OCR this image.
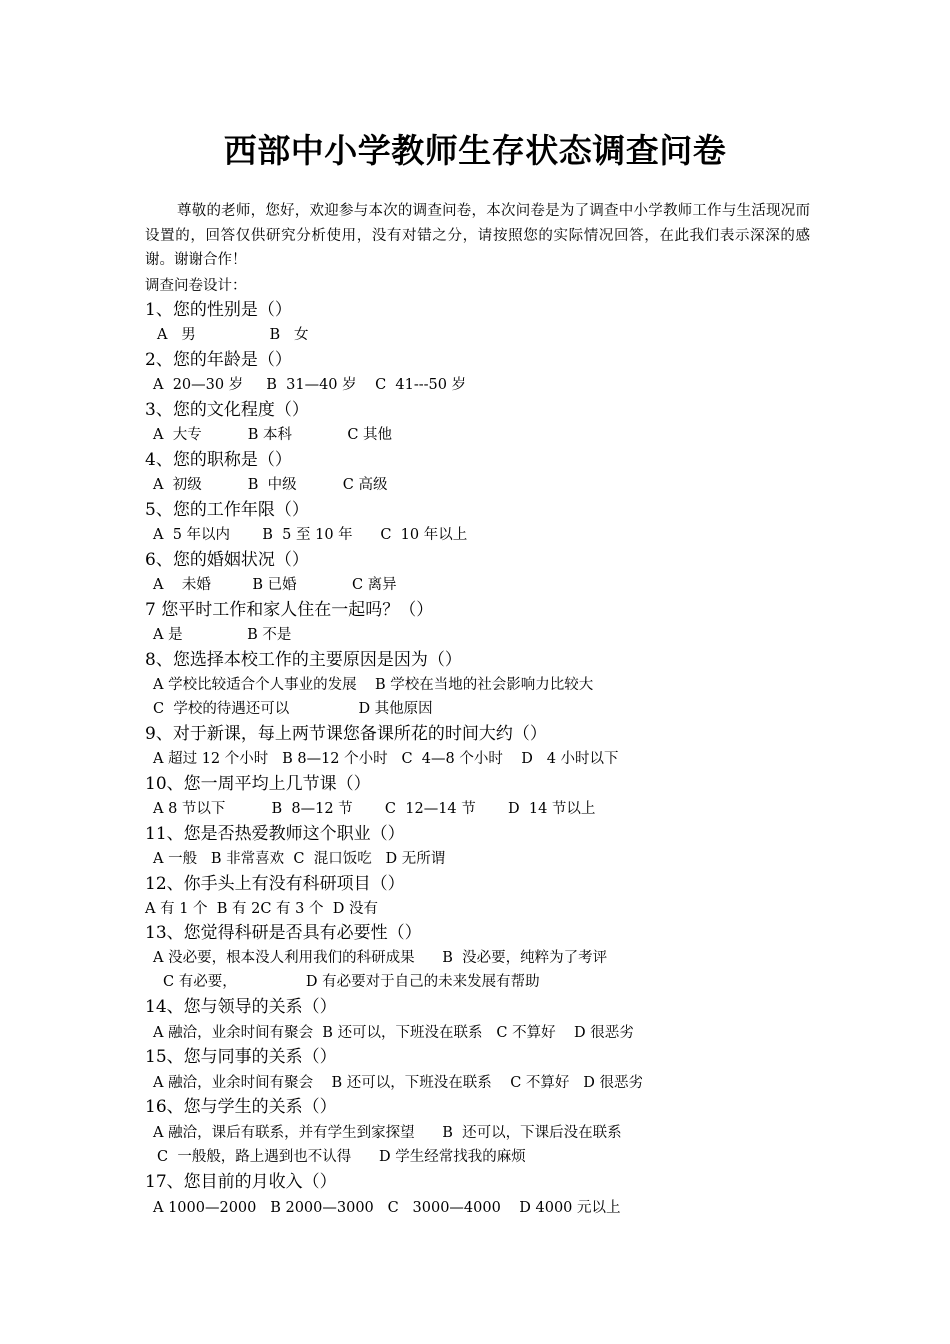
西部中小学教师生存状态调查问卷
尊敬的老师，您好，欢迎参与本次的调查问卷，本次问卷是为了调查中小学教师工作与生活现况而设置的，回答仅供研究分析使用，没有对错之分，请按照您的实际情况回答，在此我们表示深深的感谢。谢谢合作！
调查问卷设计：
1、您的性别是（）
A   男                B   女
2、您的年龄是（）
A  20—30 岁     B  31—40 岁    C  41---50 岁
3、您的文化程度（）
A  大专          B 本科            C 其他
4、您的职称是（）
A  初级          B  中级          C 高级
5、您的工作年限（）
A  5 年以内       B  5 至 10 年      C  10 年以上
6、您的婚姻状况（）
A    未婚         B 已婚            C 离异
7 您平时工作和家人住在一起吗？（）
A 是              B 不是
8、您选择本校工作的主要原因是因为（）
A 学校比较适合个人事业的发展    B 学校在当地的社会影响力比较大
C  学校的待遇还可以               D 其他原因
9、对于新课，每上两节课您备课所花的时间大约（）
A 超过 12 个小时   B 8—12 个小时   C  4—8 个小时    D   4 小时以下
10、您一周平均上几节课（）
A 8 节以下          B  8—12 节       C  12—14 节       D  14 节以上
11、您是否热爱教师这个职业（）
A 一般   B 非常喜欢  C  混口饭吃   D 无所谓
12、你手头上有没有科研项目（）
A 有 1 个  B 有 2C 有 3 个  D 没有
13、您觉得科研是否具有必要性（）
A 没必要，根本没人利用我们的科研成果      B  没必要，纯粹为了考评
C 有必要，               D 有必要对于自己的未来发展有帮助
14、您与领导的关系（）
A 融洽，业余时间有聚会  B 还可以，下班没在联系   C 不算好    D 很恶劣
15、您与同事的关系（）
A 融洽，业余时间有聚会    B 还可以，下班没在联系    C 不算好   D 很恶劣
16、您与学生的关系（）
A 融洽，课后有联系，并有学生到家探望      B  还可以，下课后没在联系
C  一般般，路上遇到也不认得      D 学生经常找我的麻烦
17、您目前的月收入（）
A 1000—2000   B 2000—3000   C   3000—4000    D 4000 元以上
